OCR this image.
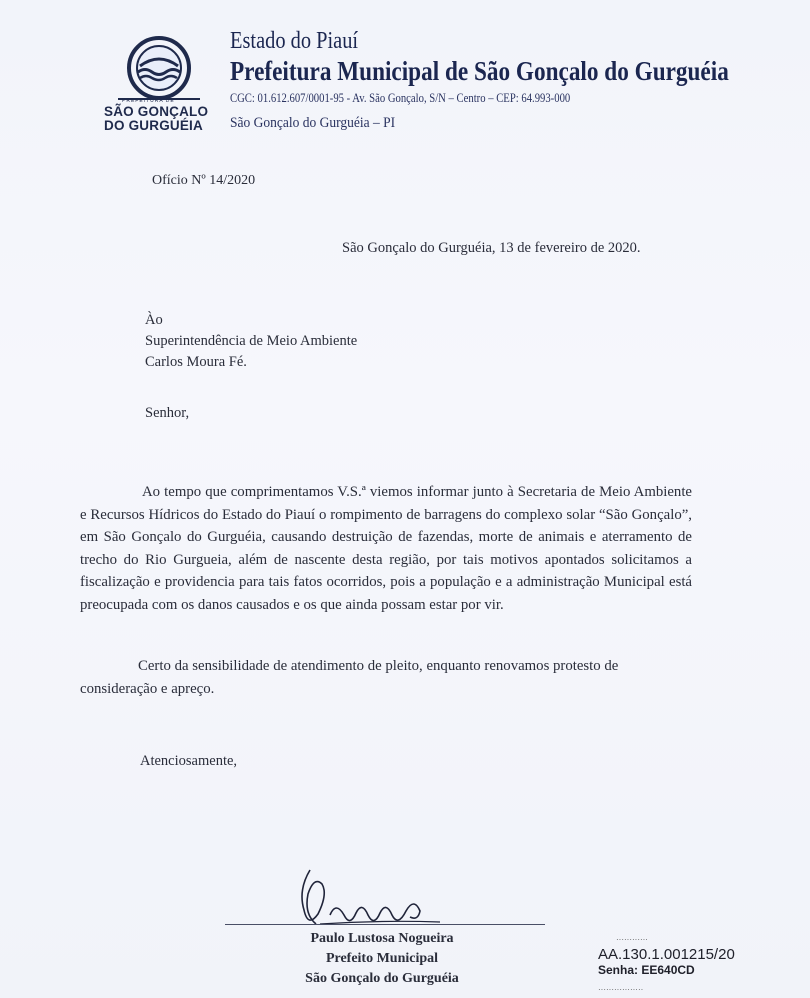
PREFEITURA DE
SÃO GONÇALO
DO GURGUÉIA
Estado do Piauí
Prefeitura Municipal de São Gonçalo do Gurguéia
CGC: 01.612.607/0001-95 - Av. São Gonçalo, S/N – Centro – CEP: 64.993-000
São Gonçalo do Gurguéia – PI
Ofício Nº 14/2020
São Gonçalo do Gurguéia, 13 de fevereiro de 2020.
Ào
Superintendência de Meio Ambiente
Carlos Moura Fé.
Senhor,
Ao tempo que comprimentamos V.S.ª viemos informar junto à Secretaria de Meio Ambiente e Recursos Hídricos do Estado do Piauí o rompimento de barragens do complexo solar “São Gonçalo”, em São Gonçalo do Gurguéia, causando destruição de fazendas, morte de animais e aterramento de trecho do Rio Gurgueia, além de nascente desta região, por tais motivos apontados solicitamos a fiscalização e providencia para tais fatos ocorridos, pois a população e a administração Municipal está preocupada com os danos causados e os que ainda possam estar por vir.
Certo da sensibilidade de atendimento de pleito, enquanto renovamos protesto de consideração e apreço.
Atenciosamente,
Paulo Lustosa Nogueira
Prefeito Municipal
São Gonçalo do Gurguéia
············
AA.130.1.001215/20
Senha: EE640CD
·················
